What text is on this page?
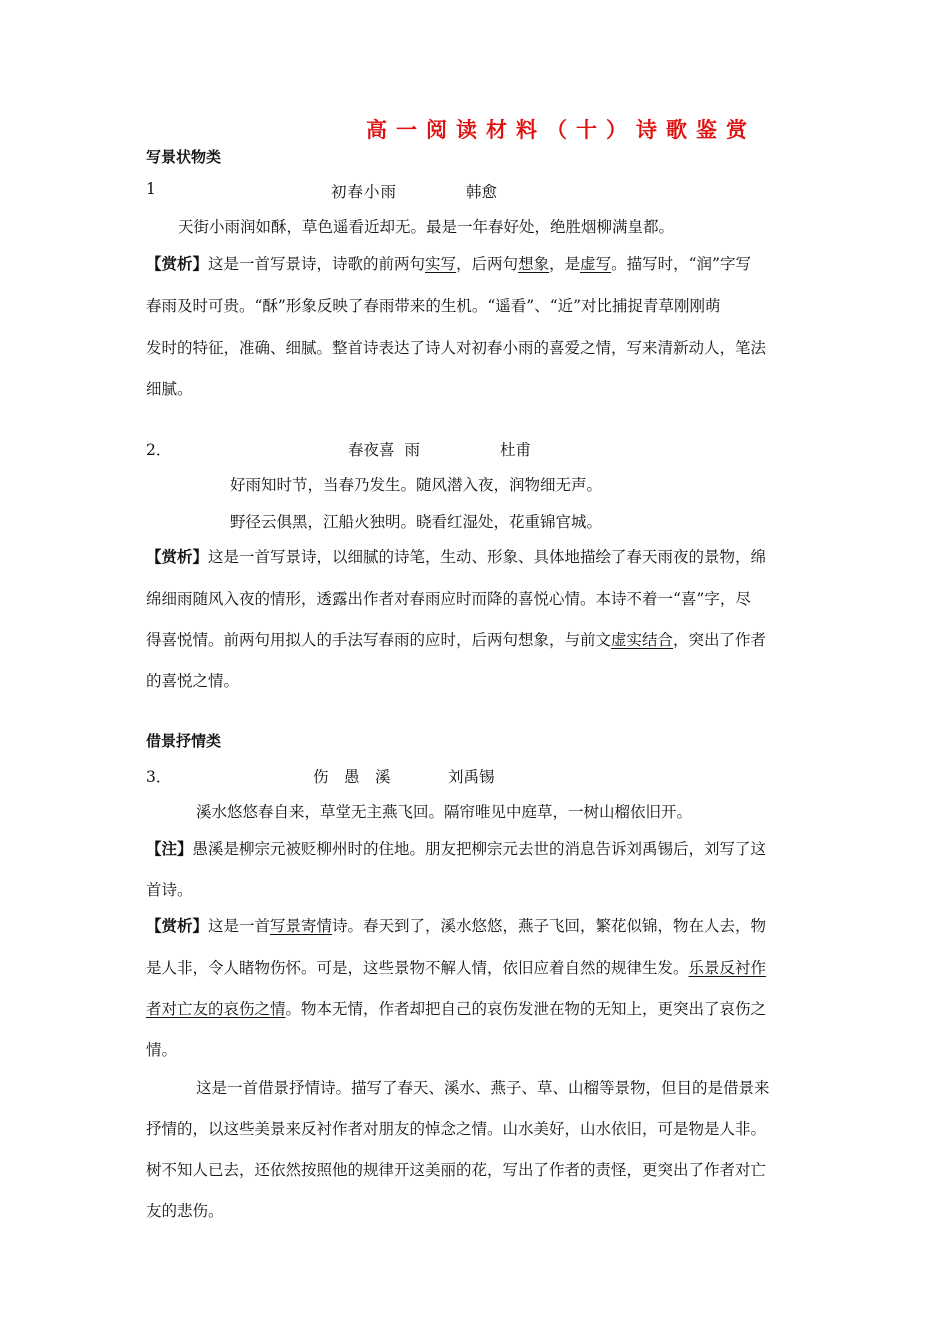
高一阅读材料（十）诗歌鉴赏
写景状物类
1	初春小雨	韩愈
天街小雨润如酥，草色遥看近却无。最是一年春好处，绝胜烟柳满皇都。
【赏析】这是一首写景诗，诗歌的前两句实写，后两句想象，是虚写。描写时，“润”字写
春雨及时可贵。“酥”形象反映了春雨带来的生机。“遥看”、“近”对比捕捉青草刚刚萌
发时的特征，准确、细腻。整首诗表达了诗人对初春小雨的喜爱之情，写来清新动人，笔法
细腻。
2．	春夜喜 雨	杜甫
好雨知时节，当春乃发生。随风潜入夜，润物细无声。
野径云俱黑，江船火独明。晓看红湿处，花重锦官城。
【赏析】这是一首写景诗，以细腻的诗笔，生动、形象、具体地描绘了春天雨夜的景物，绵
绵细雨随风入夜的情形，透露出作者对春雨应时而降的喜悦心情。本诗不着一“喜”字，尽
得喜悦情。前两句用拟人的手法写春雨的应时，后两句想象，与前文虚实结合，突出了作者
的喜悦之情。
借景抒情类
3．	伤　愚　溪	刘禹锡
溪水悠悠春自来，草堂无主燕飞回。隔帘唯见中庭草，一树山榴依旧开。
【注】愚溪是柳宗元被贬柳州时的住地。朋友把柳宗元去世的消息告诉刘禹锡后，刘写了这
首诗。
【赏析】这是一首写景寄情诗。春天到了，溪水悠悠，燕子飞回，繁花似锦，物在人去，物
是人非，令人睹物伤怀。可是，这些景物不解人情，依旧应着自然的规律生发。乐景反衬作
者对亡友的哀伤之情。物本无情，作者却把自己的哀伤发泄在物的无知上，更突出了哀伤之
情。
这是一首借景抒情诗。描写了春天、溪水、燕子、草、山榴等景物，但目的是借景来
抒情的，以这些美景来反衬作者对朋友的悼念之情。山水美好，山水依旧，可是物是人非。
树不知人已去，还依然按照他的规律开这美丽的花，写出了作者的责怪，更突出了作者对亡
友的悲伤。
